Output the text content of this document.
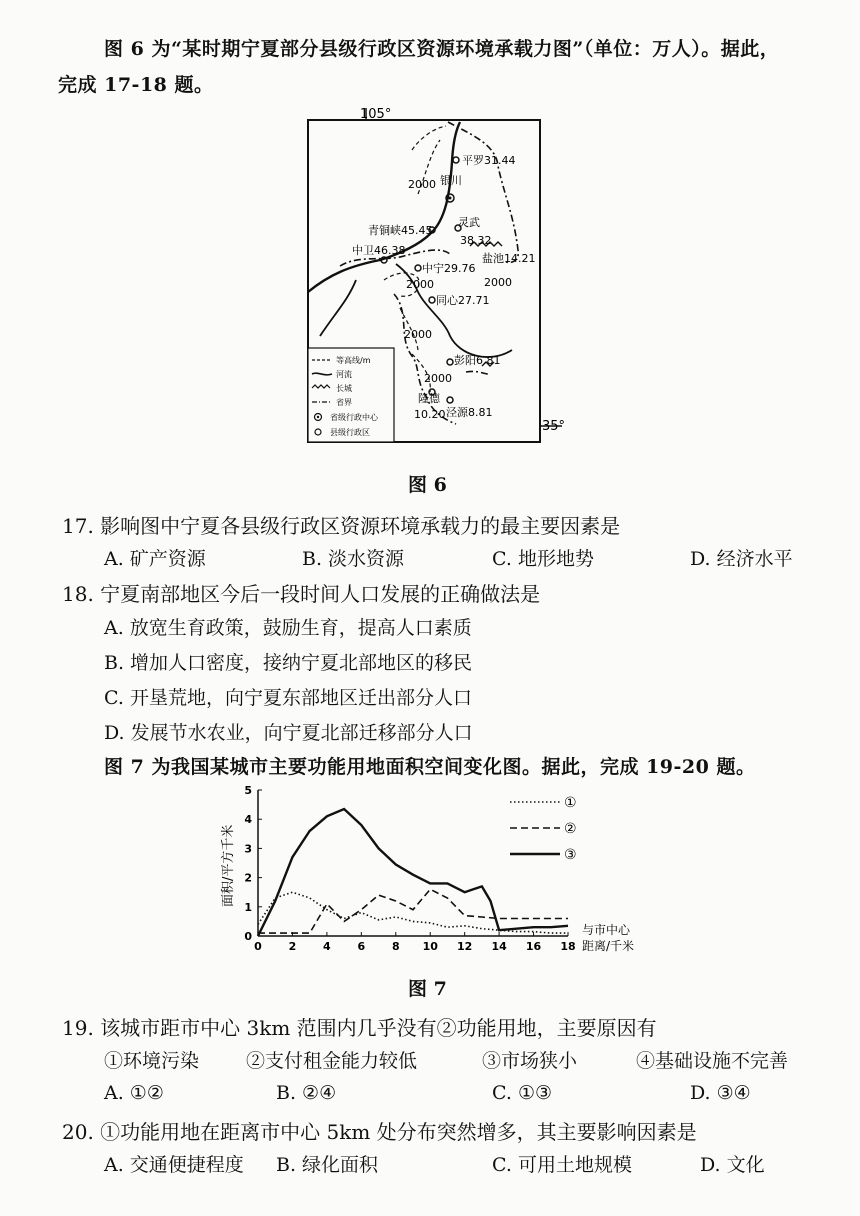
图 6 为“某时期宁夏部分县级行政区资源环境承载力图”（单位：万人）。据此，
完成 17-18 题。
105°
35°
平罗31.44
银川
青铜峡45.45
灵武
38.32
盐池14.21
中卫46.38
中宁29.76
同心27.71
彭阳6.81
隆德
10.20 泾源8.81
2000
2000
2000
2000
2000
等高线/m
河流
长城
省界
省级行政中心
县级行政区
图 6
17. 影响图中宁夏各县级行政区资源环境承载力的最主要因素是
A. 矿产资源	B. 淡水资源	C. 地形地势	D. 经济水平
18. 宁夏南部地区今后一段时间人口发展的正确做法是
A. 放宽生育政策，鼓励生育，提高人口素质
B. 增加人口密度，接纳宁夏北部地区的移民
C. 开垦荒地，向宁夏东部地区迁出部分人口
D. 发展节水农业，向宁夏北部迁移部分人口
图 7 为我国某城市主要功能用地面积空间变化图。据此，完成 19-20 题。
0 2 4 6 8 10 12 14 16 18
0
1
2
3
4
5
①
②
③
面积/平方千米
与市中心
距离/千米
图 7
19. 该城市距市中心 3km 范围内几乎没有②功能用地，主要原因有
①环境污染 ②支付租金能力较低	③市场狭小	④基础设施不完善
A. ①②	B. ②④	C. ①③	D. ③④
20. ①功能用地在距离市中心 5km 处分布突然增多，其主要影响因素是
A. 交通便捷程度 B. 绿化面积	C. 可用土地规模	D. 文化
